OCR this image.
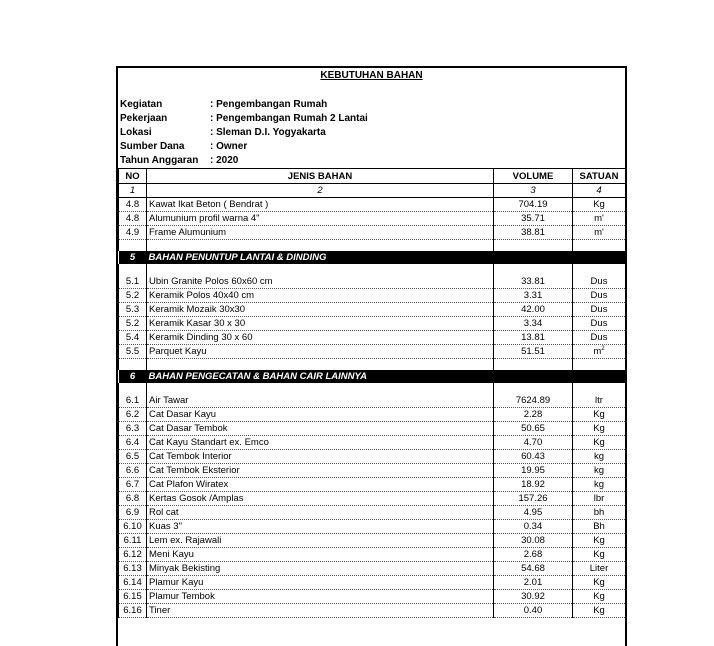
KEBUTUHAN BAHAN
Kegiatan	: Pengembangan Rumah
Pekerjaan	: Pengembangan Rumah 2 Lantai
Lokasi	: Sleman D.I. Yogyakarta
Sumber Dana	: Owner
Tahun Anggaran : 2020
NO	JENIS BAHAN	VOLUME	SATUAN
1	2	3	4
4.8	Kawat Ikat Beton ( Bendrat )	704.19	Kg
4.8	Alumunium profil warna 4"	35.71	m'
4.9	Frame Alumunium	38.81	m'

5	BAHAN PENUNTUP LANTAI & DINDING		

5.1	Ubin Granite Polos 60x60 cm	33.81	Dus
5.2	Keramik Polos 40x40 cm	3.31	Dus
5.3	Keramik Mozaik 30x30	42.00	Dus
5.2	Keramik Kasar 30 x 30	3.34	Dus
5.4	Keramik Dinding 30 x 60	13.81	Dus
5.5	Parquet Kayu	51.51	$m^2$

6	BAHAN PENGECATAN & BAHAN CAIR LAINNYA		

6.1	Air Tawar	7624.89	ltr
6.2	Cat Dasar Kayu	2.28	Kg
6.3	Cat Dasar Tembok	50.65	Kg
6.4	Cat Kayu Standart ex. Emco	4.70	Kg
6.5	Cat Tembok Interior	60.43	kg
6.6	Cat Tembok Eksterior	19.95	kg
6.7	Cat Plafon Wiratex	18.92	kg
6.8	Kertas Gosok /Amplas	157.26	lbr
6.9	Rol cat	4.95	bh
6.10	Kuas 3"	0.34	Bh
6.11	Lem ex. Rajawali	30.08	Kg
6.12	Meni Kayu	2.68	Kg
6.13	Minyak Bekisting	54.68	Liter
6.14	Plamur Kayu	2.01	Kg
6.15	Plamur Tembok	30.92	Kg
6.16	Tiner	0.40	Kg
